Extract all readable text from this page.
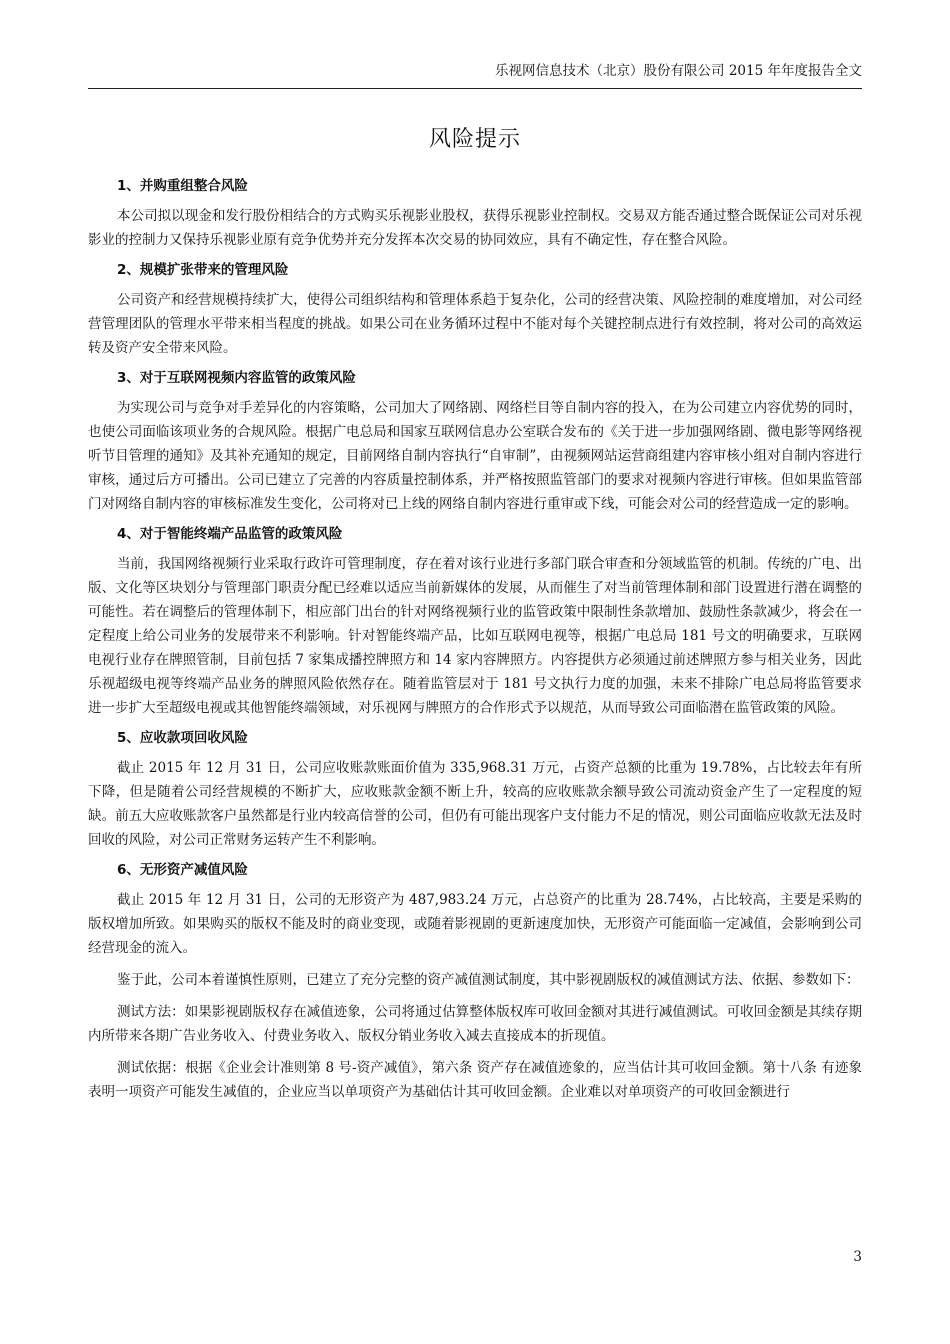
乐视网信息技术（北京）股份有限公司 2015 年年度报告全文
风险提示
1、并购重组整合风险

本公司拟以现金和发行股份相结合的方式购买乐视影业股权，获得乐视影业控制权。交易双方能否通过整合既保证公司对乐视影业的控制力又保持乐视影业原有竞争优势并充分发挥本次交易的协同效应，具有不确定性，存在整合风险。

2、规模扩张带来的管理风险

公司资产和经营规模持续扩大，使得公司组织结构和管理体系趋于复杂化，公司的经营决策、风险控制的难度增加，对公司经营管理团队的管理水平带来相当程度的挑战。如果公司在业务循环过程中不能对每个关键控制点进行有效控制，将对公司的高效运转及资产安全带来风险。

3、对于互联网视频内容监管的政策风险

为实现公司与竞争对手差异化的内容策略，公司加大了网络剧、网络栏目等自制内容的投入，在为公司建立内容优势的同时，也使公司面临该项业务的合规风险。根据广电总局和国家互联网信息办公室联合发布的《关于进一步加强网络剧、微电影等网络视听节目管理的通知》及其补充通知的规定，目前网络自制内容执行“自审制”，由视频网站运营商组建内容审核小组对自制内容进行审核，通过后方可播出。公司已建立了完善的内容质量控制体系，并严格按照监管部门的要求对视频内容进行审核。但如果监管部门对网络自制内容的审核标准发生变化，公司将对已上线的网络自制内容进行重审或下线，可能会对公司的经营造成一定的影响。

4、对于智能终端产品监管的政策风险

当前，我国网络视频行业采取行政许可管理制度，存在着对该行业进行多部门联合审查和分领域监管的机制。传统的广电、出版、文化等区块划分与管理部门职责分配已经难以适应当前新媒体的发展，从而催生了对当前管理体制和部门设置进行潜在调整的可能性。若在调整后的管理体制下，相应部门出台的针对网络视频行业的监管政策中限制性条款增加、鼓励性条款减少，将会在一定程度上给公司业务的发展带来不利影响。针对智能终端产品，比如互联网电视等，根据广电总局 181 号文的明确要求，互联网电视行业存在牌照管制，目前包括 7 家集成播控牌照方和 14 家内容牌照方。内容提供方必须通过前述牌照方参与相关业务，因此乐视超级电视等终端产品业务的牌照风险依然存在。随着监管层对于 181 号文执行力度的加强，未来不排除广电总局将监管要求进一步扩大至超级电视或其他智能终端领域，对乐视网与牌照方的合作形式予以规范，从而导致公司面临潜在监管政策的风险。

5、应收款项回收风险

截止 2015 年 12 月 31 日，公司应收账款账面价值为 335,968.31 万元，占资产总额的比重为 19.78%，占比较去年有所下降，但是随着公司经营规模的不断扩大，应收账款金额不断上升，较高的应收账款余额导致公司流动资金产生了一定程度的短缺。前五大应收账款客户虽然都是行业内较高信誉的公司，但仍有可能出现客户支付能力不足的情况，则公司面临应收款无法及时回收的风险，对公司正常财务运转产生不利影响。

6、无形资产减值风险

截止 2015 年 12 月 31 日，公司的无形资产为 487,983.24 万元，占总资产的比重为 28.74%，占比较高，主要是采购的版权增加所致。如果购买的版权不能及时的商业变现，或随着影视剧的更新速度加快，无形资产可能面临一定减值，会影响到公司经营现金的流入。

鉴于此，公司本着谨慎性原则，已建立了充分完整的资产减值测试制度，其中影视剧版权的减值测试方法、依据、参数如下：

测试方法：如果影视剧版权存在减值迹象，公司将通过估算整体版权库可收回金额对其进行减值测试。可收回金额是其续存期内所带来各期广告业务收入、付费业务收入、版权分销业务收入减去直接成本的折现值。

测试依据：根据《企业会计准则第 8 号-资产减值》，第六条 资产存在减值迹象的，应当估计其可收回金额。第十八条 有迹象表明一项资产可能发生减值的，企业应当以单项资产为基础估计其可收回金额。企业难以对单项资产的可收回金额进行

3
